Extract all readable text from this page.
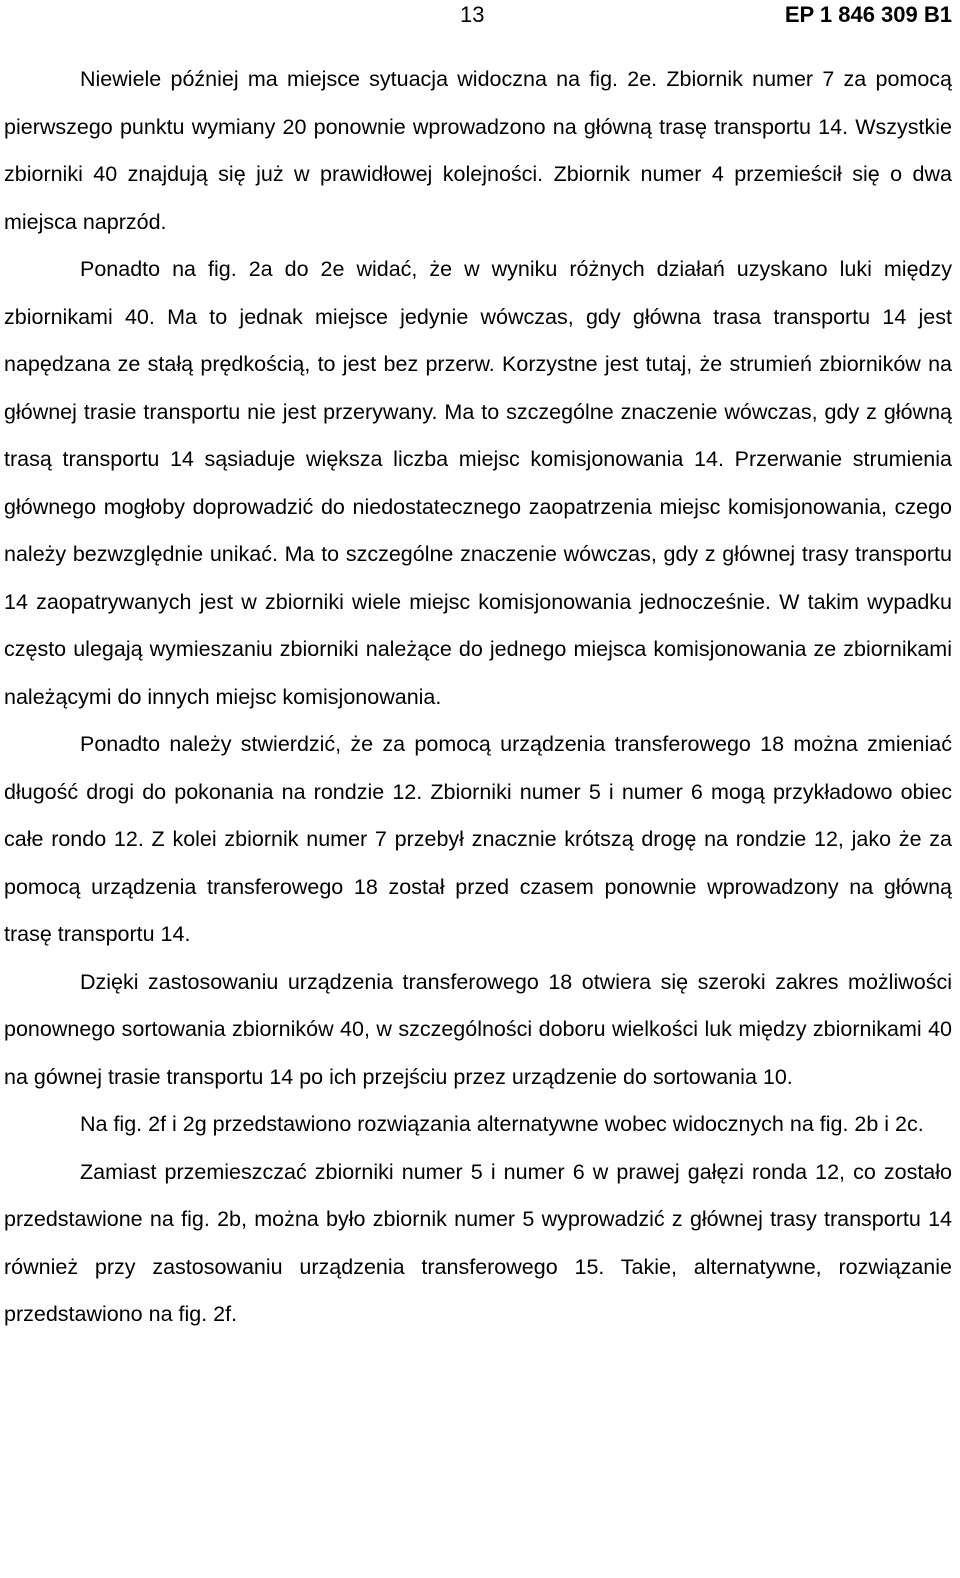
13	EP 1 846 309 B1

Niewiele później ma miejsce sytuacja widoczna na fig. 2e. Zbiornik numer 7 za pomocą pierwszego punktu wymiany 20 ponownie wprowadzono na główną trasę transportu 14. Wszystkie zbiorniki 40 znajdują się już w prawidłowej kolejności. Zbiornik numer 4 przemieścił się o dwa miejsca naprzód.

Ponadto na fig. 2a do 2e widać, że w wyniku różnych działań uzyskano luki między zbiornikami 40. Ma to jednak miejsce jedynie wówczas, gdy główna trasa transportu 14 jest napędzana ze stałą prędkością, to jest bez przerw. Korzystne jest tutaj, że strumień zbiorników na głównej trasie transportu nie jest przerywany. Ma to szczególne znaczenie wówczas, gdy z główną trasą transportu 14 sąsiaduje większa liczba miejsc komisjonowania 14. Przerwanie strumienia głównego mogłoby doprowadzić do niedostatecznego zaopatrzenia miejsc komisjonowania, czego należy bezwzględnie unikać. Ma to szczególne znaczenie wówczas, gdy z głównej trasy transportu 14 zaopatrywanych jest w zbiorniki wiele miejsc komisjonowania jednocześnie. W takim wypadku często ulegają wymieszaniu zbiorniki należące do jednego miejsca komisjonowania ze zbiornikami należącymi do innych miejsc komisjonowania.

Ponadto należy stwierdzić, że za pomocą urządzenia transferowego 18 można zmieniać długość drogi do pokonania na rondzie 12. Zbiorniki numer 5 i numer 6 mogą przykładowo obiec całe rondo 12. Z kolei zbiornik numer 7 przebył znacznie krótszą drogę na rondzie 12, jako że za pomocą urządzenia transferowego 18 został przed czasem ponownie wprowadzony na główną trasę transportu 14.

Dzięki zastosowaniu urządzenia transferowego 18 otwiera się szeroki zakres możliwości ponownego sortowania zbiorników 40, w szczególności doboru wielkości luk między zbiornikami 40 na gównej trasie transportu 14 po ich przejściu przez urządzenie do sortowania 10.

Na fig. 2f i 2g przedstawiono rozwiązania alternatywne wobec widocznych na fig. 2b i 2c.

Zamiast przemieszczać zbiorniki numer 5 i numer 6 w prawej gałęzi ronda 12, co zostało przedstawione na fig. 2b, można było zbiornik numer 5 wyprowadzić z głównej trasy transportu 14 również przy zastosowaniu urządzenia transferowego 15. Takie, alternatywne, rozwiązanie przedstawiono na fig. 2f.
